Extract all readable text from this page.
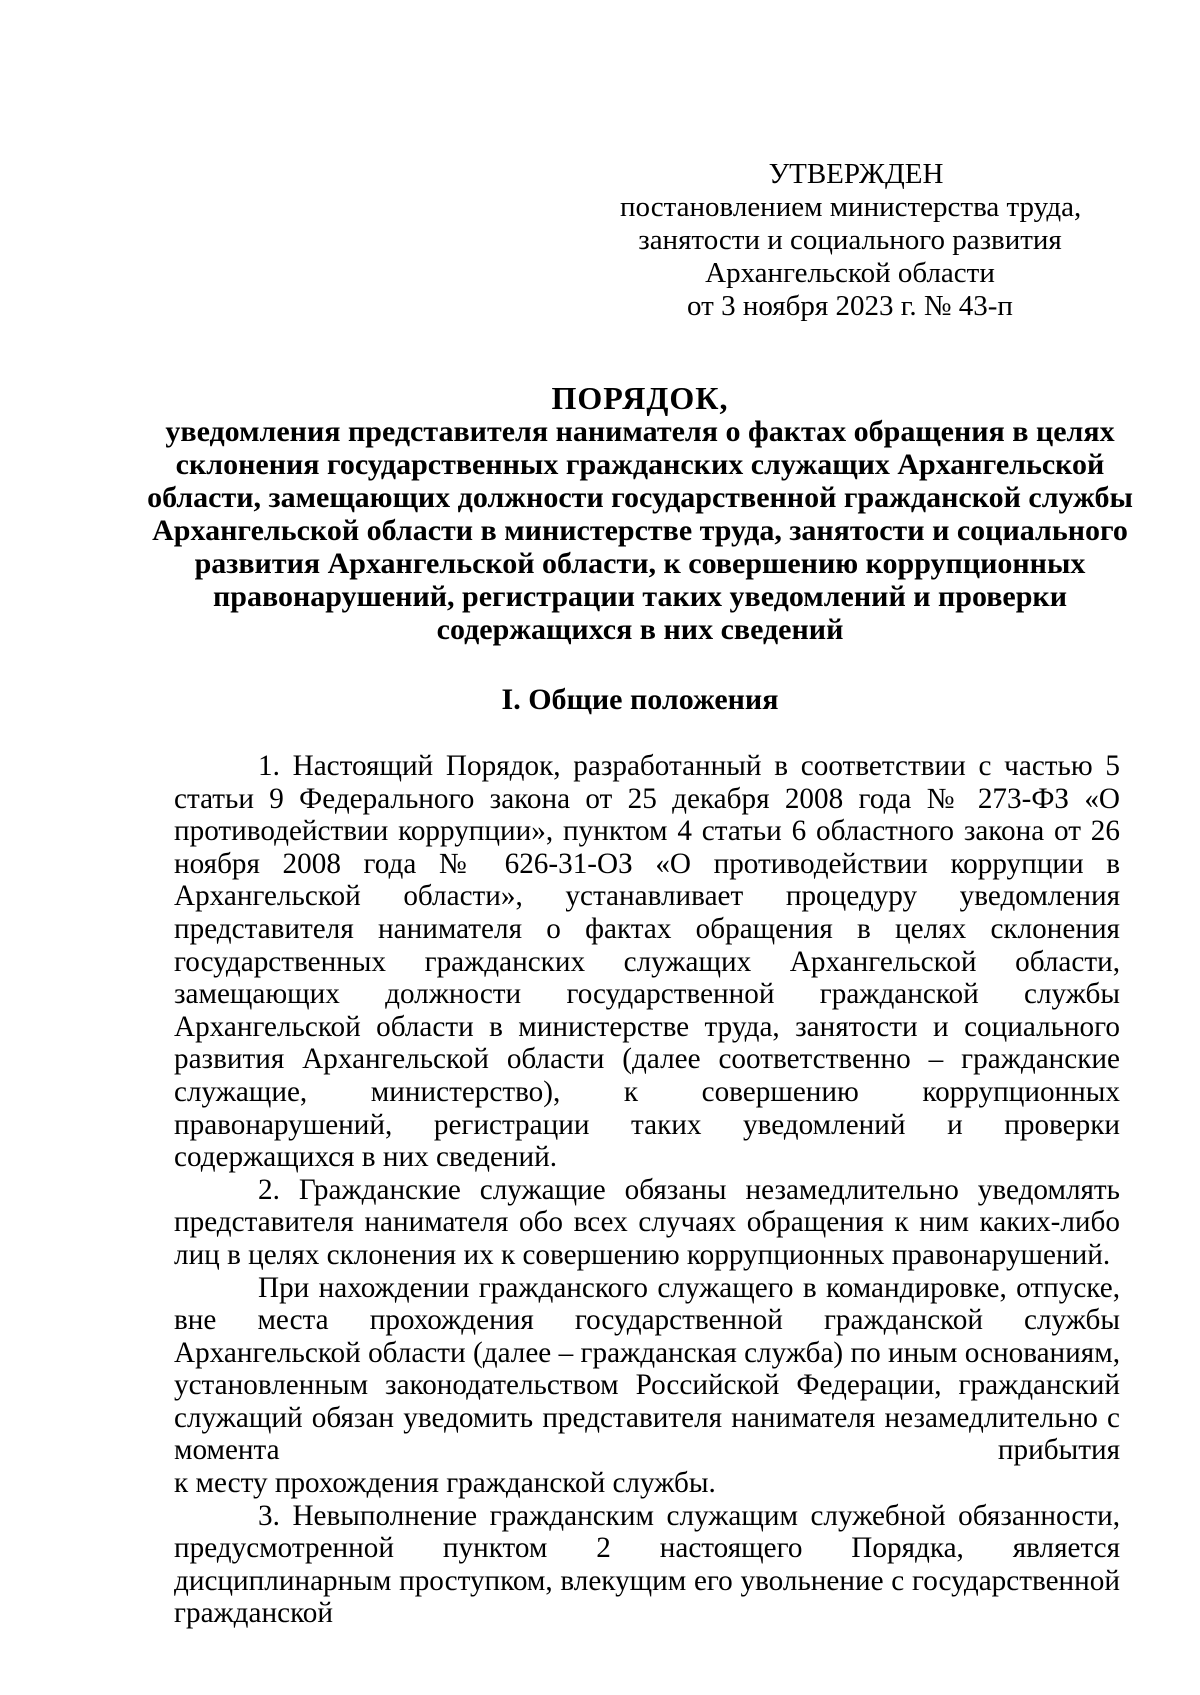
УТВЕРЖДЕН
постановлением министерства труда,
занятости и социального развития
Архангельской области
от 3 ноября 2023 г. № 43-п
ПОРЯДОК,
уведомления представителя нанимателя о фактах обращения в целях
склонения государственных гражданских служащих Архангельской
области, замещающих должности государственной гражданской службы
Архангельской области в министерстве труда, занятости и социального
развития Архангельской области, к совершению коррупционных
правонарушений, регистрации таких уведомлений и проверки
содержащихся в них сведений
I. Общие положения

1. Настоящий Порядок, разработанный в соответствии с частью 5 статьи 9 Федерального закона от 25 декабря 2008 года № 273-ФЗ «О противодействии коррупции», пунктом 4 статьи 6 областного закона от 26 ноября 2008 года № 626-31-ОЗ «О противодействии коррупции в Архангельской области», устанавливает процедуру уведомления представителя нанимателя о фактах обращения в целях склонения государственных гражданских служащих Архангельской области, замещающих должности государственной гражданской службы Архангельской области в министерстве труда, занятости и социального развития Архангельской области (далее соответственно – гражданские служащие, министерство), к совершению коррупционных правонарушений, регистрации таких уведомлений и проверки содержащихся в них сведений.

2. Гражданские служащие обязаны незамедлительно уведомлять представителя нанимателя обо всех случаях обращения к ним каких-либо лиц в целях склонения их к совершению коррупционных правонарушений.

При нахождении гражданского служащего в командировке, отпуске, вне места прохождения государственной гражданской службы Архангельской области (далее – гражданская служба) по иным основаниям, установленным законодательством Российской Федерации, гражданский служащий обязан уведомить представителя нанимателя незамедлительно с момента прибытия

к месту прохождения гражданской службы.

3. Невыполнение гражданским служащим служебной обязанности, предусмотренной пунктом 2 настоящего Порядка, является дисциплинарным проступком, влекущим его увольнение с государственной гражданской
